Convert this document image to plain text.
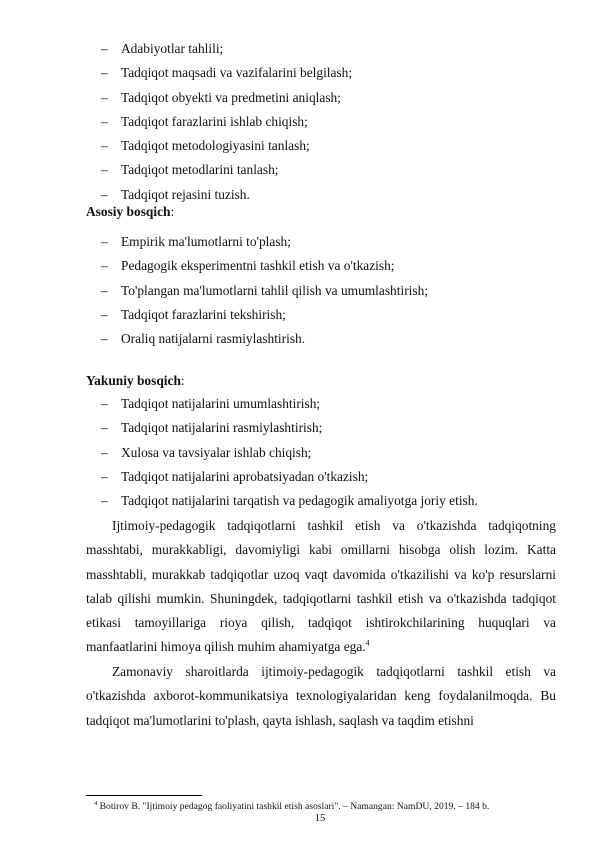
– Adabiyotlar tahlili;
– Tadqiqot maqsadi va vazifalarini belgilash;
– Tadqiqot obyekti va predmetini aniqlash;
– Tadqiqot farazlarini ishlab chiqish;
– Tadqiqot metodologiyasini tanlash;
– Tadqiqot metodlarini tanlash;
– Tadqiqot rejasini tuzish.
Asosiy bosqich:
– Empirik ma'lumotlarni to'plash;
– Pedagogik eksperimentni tashkil etish va o'tkazish;
– To'plangan ma'lumotlarni tahlil qilish va umumlashtirish;
– Tadqiqot farazlarini tekshirish;
– Oraliq natijalarni rasmiylashtirish.
Yakuniy bosqich:
– Tadqiqot natijalarini umumlashtirish;
– Tadqiqot natijalarini rasmiylashtirish;
– Xulosa va tavsiyalar ishlab chiqish;
– Tadqiqot natijalarini aprobatsiyadan o'tkazish;
– Tadqiqot natijalarini tarqatish va pedagogik amaliyotga joriy etish.

Ijtimoiy-pedagogik tadqiqotlarni tashkil etish va o'tkazishda tadqiqotning masshtabi, murakkabligi, davomiyligi kabi omillarni hisobga olish lozim. Katta masshtabli, murakkab tadqiqotlar uzoq vaqt davomida o'tkazilishi va ko'p resurslarni talab qilishi mumkin. Shuningdek, tadqiqotlarni tashkil etish va o'tkazishda tadqiqot etikasi tamoyillariga rioya qilish, tadqiqot ishtirokchilarining huquqlari va manfaatlarini himoya qilish muhim ahamiyatga ega.$^4$

Zamonaviy sharoitlarda ijtimoiy-pedagogik tadqiqotlarni tashkil etish va o'tkazishda axborot-kommunikatsiya texnologiyalaridan keng foydalanilmoqda. Bu tadqiqot ma'lumotlarini to'plash, qayta ishlash, saqlash va taqdim etishni

$^4$ Botirov B. "Ijtimoiy pedagog faoliyatini tashkil etish asoslari". – Namangan: NamDU, 2019. – 184 b.
15
